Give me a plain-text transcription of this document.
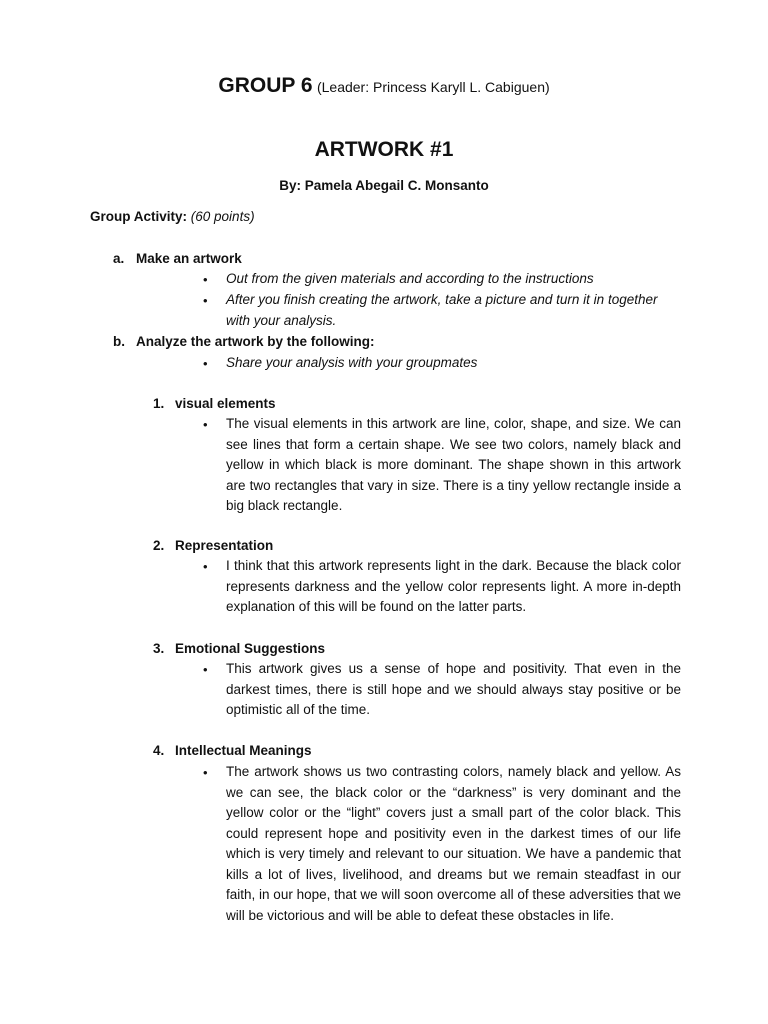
GROUP 6 (Leader: Princess Karyll L. Cabiguen)
ARTWORK #1
By: Pamela Abegail C. Monsanto
Group Activity: (60 points)
a. Make an artwork
• Out from the given materials and according to the instructions
• After you finish creating the artwork, take a picture and turn it in together with your analysis.
b. Analyze the artwork by the following:
• Share your analysis with your groupmates
1. visual elements
• The visual elements in this artwork are line, color, shape, and size. We can see lines that form a certain shape. We see two colors, namely black and yellow in which black is more dominant. The shape shown in this artwork are two rectangles that vary in size. There is a tiny yellow rectangle inside a big black rectangle.
2. Representation
• I think that this artwork represents light in the dark. Because the black color represents darkness and the yellow color represents light. A more in-depth explanation of this will be found on the latter parts.
3. Emotional Suggestions
• This artwork gives us a sense of hope and positivity. That even in the darkest times, there is still hope and we should always stay positive or be optimistic all of the time.
4. Intellectual Meanings
• The artwork shows us two contrasting colors, namely black and yellow. As we can see, the black color or the “darkness” is very dominant and the yellow color or the “light” covers just a small part of the color black. This could represent hope and positivity even in the darkest times of our life which is very timely and relevant to our situation. We have a pandemic that kills a lot of lives, livelihood, and dreams but we remain steadfast in our faith, in our hope, that we will soon overcome all of these adversities that we will be victorious and will be able to defeat these obstacles in life.
